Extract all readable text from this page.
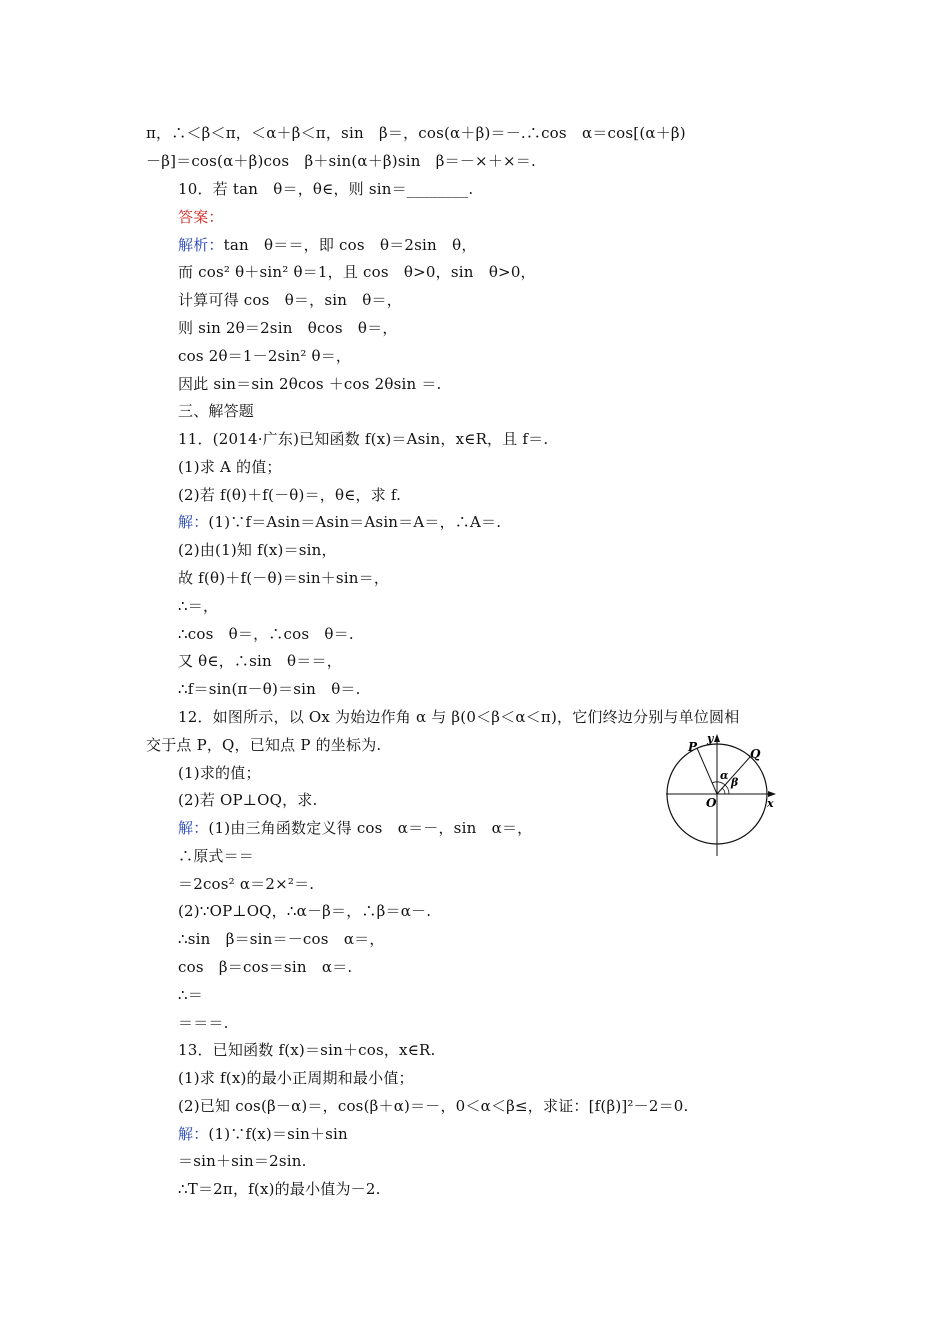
π，∴＜β＜π，＜α＋β＜π，sin　β＝，cos(α＋β)＝－.∴cos　α＝cos[(α＋β)
－β]＝cos(α＋β)cos　β＋sin(α＋β)sin　β＝－×＋×＝.
10．若 tan　θ＝，θ∈，则 sin＝________.
答案：
解析：tan　θ＝＝，即 cos　θ＝2sin　θ，
而 cos² θ＋sin² θ＝1，且 cos　θ>0，sin　θ>0，
计算可得 cos　θ＝，sin　θ＝，
则 sin 2θ＝2sin　θcos　θ＝，
cos 2θ＝1－2sin² θ＝，
因此 sin＝sin 2θcos ＋cos 2θsin ＝.
三、解答题
11．(2014·广东)已知函数 f(x)＝Asin，x∈R，且 f＝.
(1)求 A 的值；
(2)若 f(θ)＋f(－θ)＝，θ∈，求 f.
解：(1)∵f＝Asin＝Asin＝Asin＝A＝，∴A＝.
(2)由(1)知 f(x)＝sin，
故 f(θ)＋f(－θ)＝sin＋sin＝，
∴＝，
∴cos　θ＝，∴cos　θ＝.
又 θ∈，∴sin　θ＝＝，
∴f＝sin(π－θ)＝sin　θ＝.
12．如图所示，以 Ox 为始边作角 α 与 β(0＜β＜α＜π)，它们终边分别与单位圆相
交于点 P，Q，已知点 P 的坐标为.
(1)求的值；
(2)若 OP⊥OQ，求.
解：(1)由三角函数定义得 cos　α＝－，sin　α＝，
∴原式＝＝
＝2cos² α＝2×²＝.
(2)∵OP⊥OQ，∴α－β＝，∴β＝α－.
∴sin　β＝sin＝－cos　α＝，
cos　β＝cos＝sin　α＝.
∴＝
＝＝＝.
13．已知函数 f(x)＝sin＋cos，x∈R.
(1)求 f(x)的最小正周期和最小值；
(2)已知 cos(β－α)＝，cos(β＋α)＝－，0＜α＜β≤，求证：[f(β)]²－2＝0.
解：(1)∵f(x)＝sin＋sin
＝sin＋sin＝2sin.
∴T＝2π，f(x)的最小值为－2.
P	Q
y
x
O
α
β
